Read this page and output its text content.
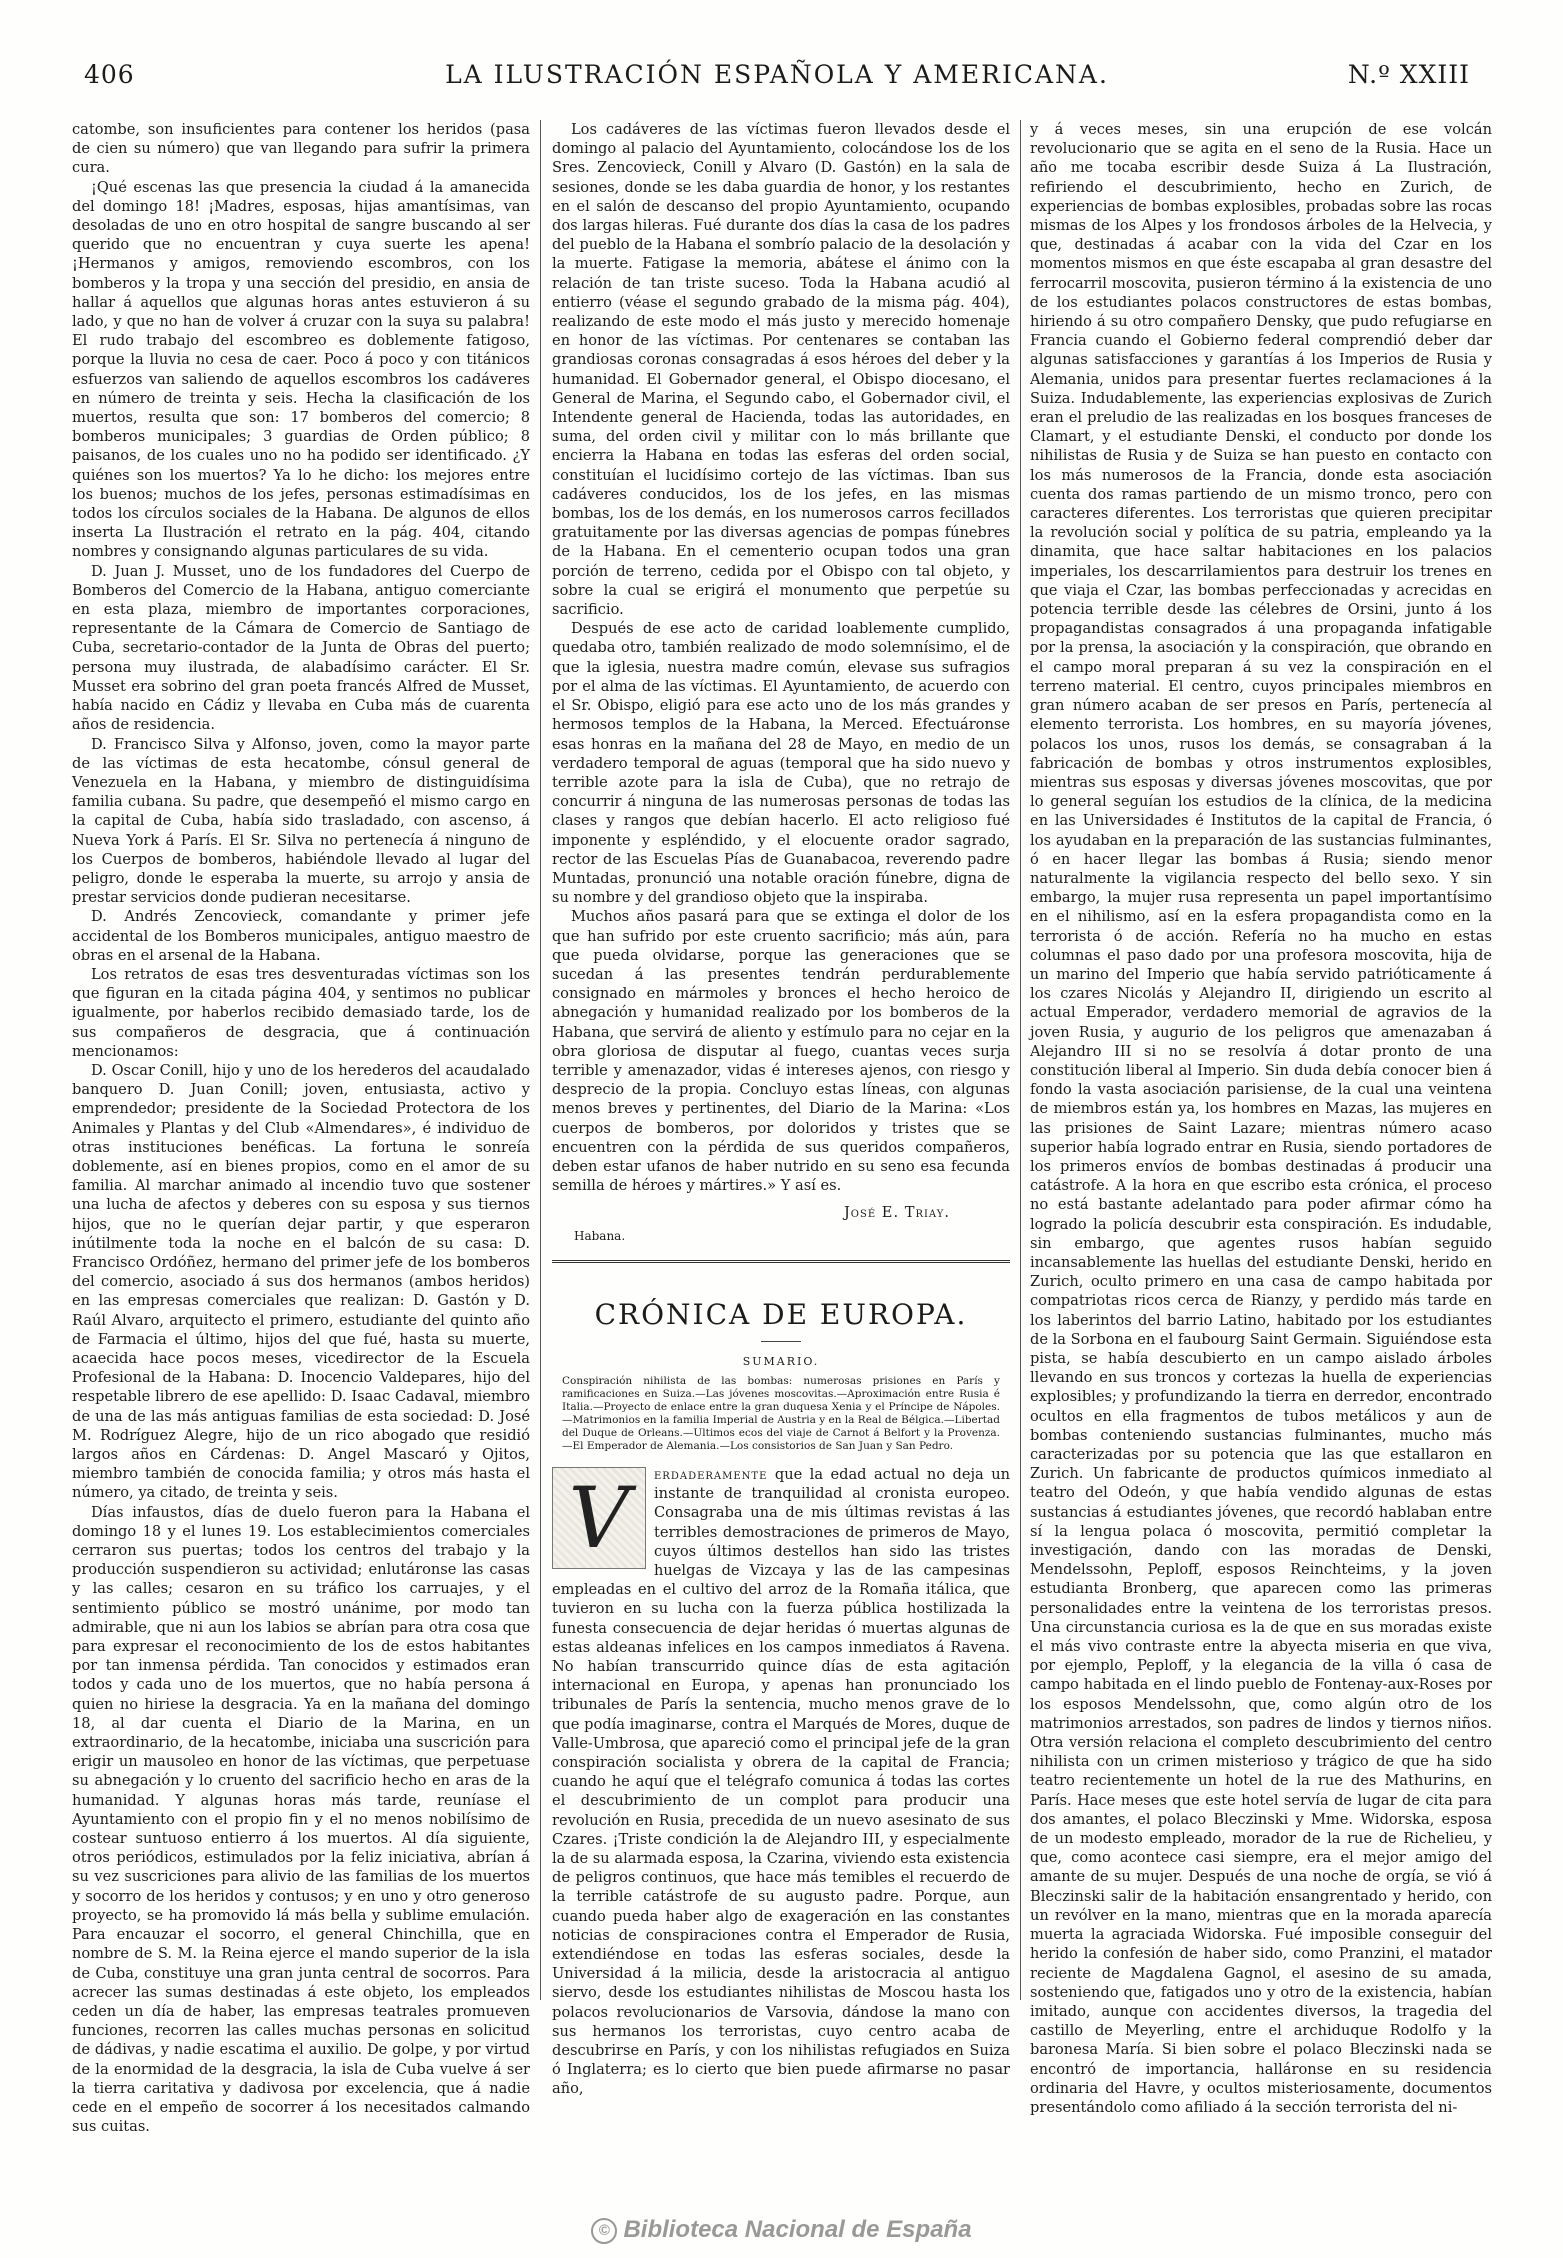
406	LA ILUSTRACIÓN ESPAÑOLA Y AMERICANA.	N.º XXIII

catombe, son insuficientes para contener los heridos (pasa de cien su número) que van llegando para sufrir la primera cura.

¡Qué escenas las que presencia la ciudad á la amanecida del domingo 18! ¡Madres, esposas, hijas amantísimas, van desoladas de uno en otro hospital de sangre buscando al ser querido que no encuentran y cuya suerte les apena! ¡Hermanos y amigos, removiendo escombros, con los bomberos y la tropa y una sección del presidio, en ansia de hallar á aquellos que algunas horas antes estuvieron á su lado, y que no han de volver á cruzar con la suya su palabra! El rudo trabajo del escombreo es doblemente fatigoso, porque la lluvia no cesa de caer. Poco á poco y con titánicos esfuerzos van saliendo de aquellos escombros los cadáveres en número de treinta y seis. Hecha la clasificación de los muertos, resulta que son: 17 bomberos del comercio; 8 bomberos municipales; 3 guardias de Orden público; 8 paisanos, de los cuales uno no ha podido ser identificado. ¿Y quiénes son los muertos? Ya lo he dicho: los mejores entre los buenos; muchos de los jefes, personas estimadísimas en todos los círculos sociales de la Habana. De algunos de ellos inserta La Ilustración el retrato en la pág. 404, citando nombres y consignando algunas particulares de su vida.

D. Juan J. Musset, uno de los fundadores del Cuerpo de Bomberos del Comercio de la Habana, antiguo comerciante en esta plaza, miembro de importantes corporaciones, representante de la Cámara de Comercio de Santiago de Cuba, secretario-contador de la Junta de Obras del puerto; persona muy ilustrada, de alabadísimo carácter. El Sr. Musset era sobrino del gran poeta francés Alfred de Musset, había nacido en Cádiz y llevaba en Cuba más de cuarenta años de residencia.

D. Francisco Silva y Alfonso, joven, como la mayor parte de las víctimas de esta hecatombe, cónsul general de Venezuela en la Habana, y miembro de distinguidísima familia cubana. Su padre, que desempeñó el mismo cargo en la capital de Cuba, había sido trasladado, con ascenso, á Nueva York á París. El Sr. Silva no pertenecía á ninguno de los Cuerpos de bomberos, habiéndole llevado al lugar del peligro, donde le esperaba la muerte, su arrojo y ansia de prestar servicios donde pudieran necesitarse.

D. Andrés Zencovieck, comandante y primer jefe accidental de los Bomberos municipales, antiguo maestro de obras en el arsenal de la Habana.

Los retratos de esas tres desventuradas víctimas son los que figuran en la citada página 404, y sentimos no publicar igualmente, por haberlos recibido demasiado tarde, los de sus compañeros de desgracia, que á continuación mencionamos:

D. Oscar Conill, hijo y uno de los herederos del acaudalado banquero D. Juan Conill; joven, entusiasta, activo y emprendedor; presidente de la Sociedad Protectora de los Animales y Plantas y del Club «Almendares», é individuo de otras instituciones benéficas. La fortuna le sonreía doblemente, así en bienes propios, como en el amor de su familia. Al marchar animado al incendio tuvo que sostener una lucha de afectos y deberes con su esposa y sus tiernos hijos, que no le querían dejar partir, y que esperaron inútilmente toda la noche en el balcón de su casa: D. Francisco Ordóñez, hermano del primer jefe de los bomberos del comercio, asociado á sus dos hermanos (ambos heridos) en las empresas comerciales que realizan: D. Gastón y D. Raúl Alvaro, arquitecto el primero, estudiante del quinto año de Farmacia el último, hijos del que fué, hasta su muerte, acaecida hace pocos meses, vicedirector de la Escuela Profesional de la Habana: D. Inocencio Valdepares, hijo del respetable librero de ese apellido: D. Isaac Cadaval, miembro de una de las más antiguas familias de esta sociedad: D. José M. Rodríguez Alegre, hijo de un rico abogado que residió largos años en Cárdenas: D. Angel Mascaró y Ojitos, miembro también de conocida familia; y otros más hasta el número, ya citado, de treinta y seis.

Días infaustos, días de duelo fueron para la Habana el domingo 18 y el lunes 19. Los establecimientos comerciales cerraron sus puertas; todos los centros del trabajo y la producción suspendieron su actividad; enlutáronse las casas y las calles; cesaron en su tráfico los carruajes, y el sentimiento público se mostró unánime, por modo tan admirable, que ni aun los labios se abrían para otra cosa que para expresar el reconocimiento de los de estos habitantes por tan inmensa pérdida. Tan conocidos y estimados eran todos y cada uno de los muertos, que no había persona á quien no hiriese la desgracia. Ya en la mañana del domingo 18, al dar cuenta el Diario de la Marina, en un extraordinario, de la hecatombe, iniciaba una suscrición para erigir un mausoleo en honor de las víctimas, que perpetuase su abnegación y lo cruento del sacrificio hecho en aras de la humanidad. Y algunas horas más tarde, reuníase el Ayuntamiento con el propio fin y el no menos nobilísimo de costear suntuoso entierro á los muertos. Al día siguiente, otros periódicos, estimulados por la feliz iniciativa, abrían á su vez suscriciones para alivio de las familias de los muertos y socorro de los heridos y contusos; y en uno y otro generoso proyecto, se ha promovido lá más bella y sublime emulación. Para encauzar el socorro, el general Chinchilla, que en nombre de S. M. la Reina ejerce el mando superior de la isla de Cuba, constituye una gran junta central de socorros. Para acrecer las sumas destinadas á este objeto, los empleados ceden un día de haber, las empresas teatrales promueven funciones, recorren las calles muchas personas en solicitud de dádivas, y nadie escatima el auxilio. De golpe, y por virtud de la enormidad de la desgracia, la isla de Cuba vuelve á ser la tierra caritativa y dadivosa por excelencia, que á nadie cede en el empeño de socorrer á los necesitados calmando sus cuitas.

Los cadáveres de las víctimas fueron llevados desde el domingo al palacio del Ayuntamiento, colocándose los de los Sres. Zencovieck, Conill y Alvaro (D. Gastón) en la sala de sesiones, donde se les daba guardia de honor, y los restantes en el salón de descanso del propio Ayuntamiento, ocupando dos largas hileras. Fué durante dos días la casa de los padres del pueblo de la Habana el sombrío palacio de la desolación y la muerte. Fatigase la memoria, abátese el ánimo con la relación de tan triste suceso. Toda la Habana acudió al entierro (véase el segundo grabado de la misma pág. 404), realizando de este modo el más justo y merecido homenaje en honor de las víctimas. Por centenares se contaban las grandiosas coronas consagradas á esos héroes del deber y la humanidad. El Gobernador general, el Obispo diocesano, el General de Marina, el Segundo cabo, el Gobernador civil, el Intendente general de Hacienda, todas las autoridades, en suma, del orden civil y militar con lo más brillante que encierra la Habana en todas las esferas del orden social, constituían el lucidísimo cortejo de las víctimas. Iban sus cadáveres conducidos, los de los jefes, en las mismas bombas, los de los demás, en los numerosos carros fecillados gratuitamente por las diversas agencias de pompas fúnebres de la Habana. En el cementerio ocupan todos una gran porción de terreno, cedida por el Obispo con tal objeto, y sobre la cual se erigirá el monumento que perpetúe su sacrificio.

Después de ese acto de caridad loablemente cumplido, quedaba otro, también realizado de modo solemnísimo, el de que la iglesia, nuestra madre común, elevase sus sufragios por el alma de las víctimas. El Ayuntamiento, de acuerdo con el Sr. Obispo, eligió para ese acto uno de los más grandes y hermosos templos de la Habana, la Merced. Efectuáronse esas honras en la mañana del 28 de Mayo, en medio de un verdadero temporal de aguas (temporal que ha sido nuevo y terrible azote para la isla de Cuba), que no retrajo de concurrir á ninguna de las numerosas personas de todas las clases y rangos que debían hacerlo. El acto religioso fué imponente y espléndido, y el elocuente orador sagrado, rector de las Escuelas Pías de Guanabacoa, reverendo padre Muntadas, pronunció una notable oración fúnebre, digna de su nombre y del grandioso objeto que la inspiraba.

Muchos años pasará para que se extinga el dolor de los que han sufrido por este cruento sacrificio; más aún, para que pueda olvidarse, porque las generaciones que se sucedan á las presentes tendrán perdurablemente consignado en mármoles y bronces el hecho heroico de abnegación y humanidad realizado por los bomberos de la Habana, que servirá de aliento y estímulo para no cejar en la obra gloriosa de disputar al fuego, cuantas veces surja terrible y amenazador, vidas é intereses ajenos, con riesgo y desprecio de la propia. Concluyo estas líneas, con algunas menos breves y pertinentes, del Diario de la Marina: «Los cuerpos de bomberos, por doloridos y tristes que se encuentren con la pérdida de sus queridos compañeros, deben estar ufanos de haber nutrido en su seno esa fecunda semilla de héroes y mártires.» Y así es.

José E. Triay.
Habana.
CRÓNICA DE EUROPA.
SUMARIO.
Conspiración nihilista de las bombas: numerosas prisiones en París y ramificaciones en Suiza.—Las jóvenes moscovitas.—Aproximación entre Rusia é Italia.—Proyecto de enlace entre la gran duquesa Xenia y el Príncipe de Nápoles.—Matrimonios en la familia Imperial de Austria y en la Real de Bélgica.—Libertad del Duque de Orleans.—Ultimos ecos del viaje de Carnot á Belfort y la Provenza.—El Emperador de Alemania.—Los consistorios de San Juan y San Pedro.

V	erdaderamente que la edad actual no deja un instante de tranquilidad al cronista europeo. Consagraba una de mis últimas revistas á las terribles demostraciones de primeros de Mayo, cuyos últimos destellos han sido las tristes huelgas de Vizcaya y las de las campesinas empleadas en el cultivo del arroz de la Romaña itálica, que tuvieron en su lucha con la fuerza pública hostilizada la funesta consecuencia de dejar heridas ó muertas algunas de estas aldeanas infelices en los campos inmediatos á Ravena. No habían transcurrido quince días de esta agitación internacional en Europa, y apenas han pronunciado los tribunales de París la sentencia, mucho menos grave de lo que podía imaginarse, contra el Marqués de Mores, duque de Valle-Umbrosa, que apareció como el principal jefe de la gran conspiración socialista y obrera de la capital de Francia; cuando he aquí que el telégrafo comunica á todas las cortes el descubrimiento de un complot para producir una revolución en Rusia, precedida de un nuevo asesinato de sus Czares. ¡Triste condición la de Alejandro III, y especialmente la de su alarmada esposa, la Czarina, viviendo esta existencia de peligros continuos, que hace más temibles el recuerdo de la terrible catástrofe de su augusto padre. Porque, aun cuando pueda haber algo de exageración en las constantes noticias de conspiraciones contra el Emperador de Rusia, extendiéndose en todas las esferas sociales, desde la Universidad á la milicia, desde la aristocracia al antiguo siervo, desde los estudiantes nihilistas de Moscou hasta los polacos revolucionarios de Varsovia, dándose la mano con sus hermanos los terroristas, cuyo centro acaba de descubrirse en París, y con los nihilistas refugiados en Suiza ó Inglaterra; es lo cierto que bien puede afirmarse no pasar año,

y á veces meses, sin una erupción de ese volcán revolucionario que se agita en el seno de la Rusia. Hace un año me tocaba escribir desde Suiza á La Ilustración, refiriendo el descubrimiento, hecho en Zurich, de experiencias de bombas explosibles, probadas sobre las rocas mismas de los Alpes y los frondosos árboles de la Helvecia, y que, destinadas á acabar con la vida del Czar en los momentos mismos en que éste escapaba al gran desastre del ferrocarril moscovita, pusieron término á la existencia de uno de los estudiantes polacos constructores de estas bombas, hiriendo á su otro compañero Densky, que pudo refugiarse en Francia cuando el Gobierno federal comprendió deber dar algunas satisfacciones y garantías á los Imperios de Rusia y Alemania, unidos para presentar fuertes reclamaciones á la Suiza. Indudablemente, las experiencias explosivas de Zurich eran el preludio de las realizadas en los bosques franceses de Clamart, y el estudiante Denski, el conducto por donde los nihilistas de Rusia y de Suiza se han puesto en contacto con los más numerosos de la Francia, donde esta asociación cuenta dos ramas partiendo de un mismo tronco, pero con caracteres diferentes. Los terroristas que quieren precipitar la revolución social y política de su patria, empleando ya la dinamita, que hace saltar habitaciones en los palacios imperiales, los descarrilamientos para destruir los trenes en que viaja el Czar, las bombas perfeccionadas y acrecidas en potencia terrible desde las célebres de Orsini, junto á los propagandistas consagrados á una propaganda infatigable por la prensa, la asociación y la conspiración, que obrando en el campo moral preparan á su vez la conspiración en el terreno material. El centro, cuyos principales miembros en gran número acaban de ser presos en París, pertenecía al elemento terrorista. Los hombres, en su mayoría jóvenes, polacos los unos, rusos los demás, se consagraban á la fabricación de bombas y otros instrumentos explosibles, mientras sus esposas y diversas jóvenes moscovitas, que por lo general seguían los estudios de la clínica, de la medicina en las Universidades é Institutos de la capital de Francia, ó los ayudaban en la preparación de las sustancias fulminantes, ó en hacer llegar las bombas á Rusia; siendo menor naturalmente la vigilancia respecto del bello sexo. Y sin embargo, la mujer rusa representa un papel importantísimo en el nihilismo, así en la esfera propagandista como en la terrorista ó de acción. Refería no ha mucho en estas columnas el paso dado por una profesora moscovita, hija de un marino del Imperio que había servido patrióticamente á los czares Nicolás y Alejandro II, dirigiendo un escrito al actual Emperador, verdadero memorial de agravios de la joven Rusia, y augurio de los peligros que amenazaban á Alejandro III si no se resolvía á dotar pronto de una constitución liberal al Imperio. Sin duda debía conocer bien á fondo la vasta asociación parisiense, de la cual una veintena de miembros están ya, los hombres en Mazas, las mujeres en las prisiones de Saint Lazare; mientras número acaso superior había logrado entrar en Rusia, siendo portadores de los primeros envíos de bombas destinadas á producir una catástrofe. A la hora en que escribo esta crónica, el proceso no está bastante adelantado para poder afirmar cómo ha logrado la policía descubrir esta conspiración. Es indudable, sin embargo, que agentes rusos habían seguido incansablemente las huellas del estudiante Denski, herido en Zurich, oculto primero en una casa de campo habitada por compatriotas ricos cerca de Rianzy, y perdido más tarde en los laberintos del barrio Latino, habitado por los estudiantes de la Sorbona en el faubourg Saint Germain. Siguiéndose esta pista, se había descubierto en un campo aislado árboles llevando en sus troncos y cortezas la huella de experiencias explosibles; y profundizando la tierra en derredor, encontrado ocultos en ella fragmentos de tubos metálicos y aun de bombas conteniendo sustancias fulminantes, mucho más caracterizadas por su potencia que las que estallaron en Zurich. Un fabricante de productos químicos inmediato al teatro del Odeón, y que había vendido algunas de estas sustancias á estudiantes jóvenes, que recordó hablaban entre sí la lengua polaca ó moscovita, permitió completar la investigación, dando con las moradas de Denski, Mendelssohn, Peploff, esposos Reinchteims, y la joven estudianta Bronberg, que aparecen como las primeras personalidades entre la veintena de los terroristas presos. Una circunstancia curiosa es la de que en sus moradas existe el más vivo contraste entre la abyecta miseria en que viva, por ejemplo, Peploff, y la elegancia de la villa ó casa de campo habitada en el lindo pueblo de Fontenay-aux-Roses por los esposos Mendelssohn, que, como algún otro de los matrimonios arrestados, son padres de lindos y tiernos niños. Otra versión relaciona el completo descubrimiento del centro nihilista con un crimen misterioso y trágico de que ha sido teatro recientemente un hotel de la rue des Mathurins, en París. Hace meses que este hotel servía de lugar de cita para dos amantes, el polaco Bleczinski y Mme. Widorska, esposa de un modesto empleado, morador de la rue de Richelieu, y que, como acontece casi siempre, era el mejor amigo del amante de su mujer. Después de una noche de orgía, se vió á Bleczinski salir de la habitación ensangrentado y herido, con un revólver en la mano, mientras que en la morada aparecía muerta la agraciada Widorska. Fué imposible conseguir del herido la confesión de haber sido, como Pranzini, el matador reciente de Magdalena Gagnol, el asesino de su amada, sosteniendo que, fatigados uno y otro de la existencia, habían imitado, aunque con accidentes diversos, la tragedia del castillo de Meyerling, entre el archiduque Rodolfo y la baronesa María. Si bien sobre el polaco Bleczinski nada se encontró de importancia, halláronse en su residencia ordinaria del Havre, y ocultos misteriosamente, documentos presentándolo como afiliado á la sección terrorista del ni-

© Biblioteca Nacional de España
